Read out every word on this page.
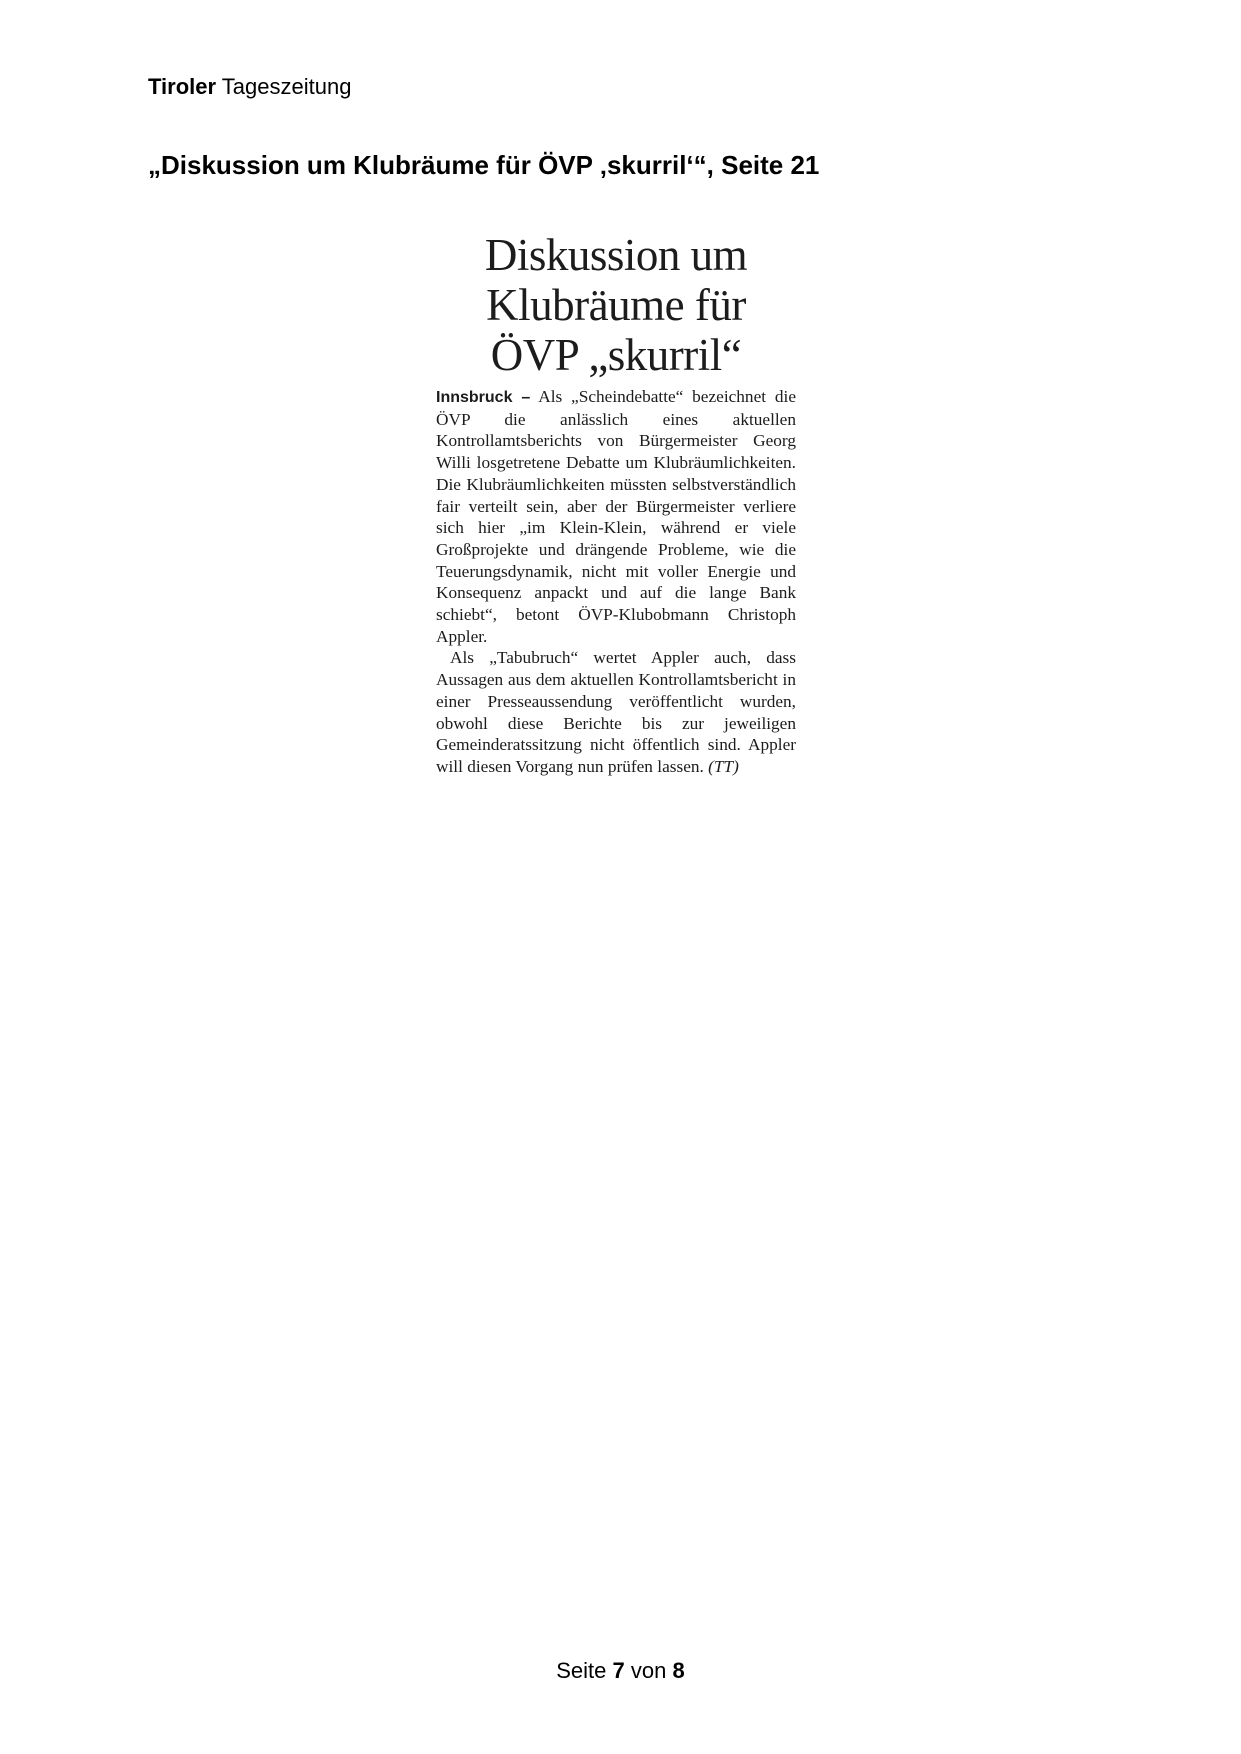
Tiroler Tageszeitung
„Diskussion um Klubräume für ÖVP ‚skurril‘“, Seite 21
Diskussion um
Klubräume für
ÖVP „skurril“

Innsbruck – Als „Scheindebatte“ bezeichnet die ÖVP die anlässlich eines aktuellen Kontrollamtsberichts von Bürgermeister Georg Willi losgetretene Debatte um Klubräumlichkeiten. Die Klubräumlichkeiten müssten selbstverständlich fair verteilt sein, aber der Bürgermeister verliere sich hier „im Klein-Klein, während er viele Großprojekte und drängende Probleme, wie die Teuerungsdynamik, nicht mit voller Energie und Konsequenz anpackt und auf die lange Bank schiebt“, betont ÖVP-Klubobmann Christoph Appler.

Als „Tabubruch“ wertet Appler auch, dass Aussagen aus dem aktuellen Kontrollamtsbericht in einer Presseaussendung veröffentlicht wurden, obwohl diese Berichte bis zur jeweiligen Gemeinderatssitzung nicht öffentlich sind. Appler will diesen Vorgang nun prüfen lassen. (TT)

Seite 7 von 8
